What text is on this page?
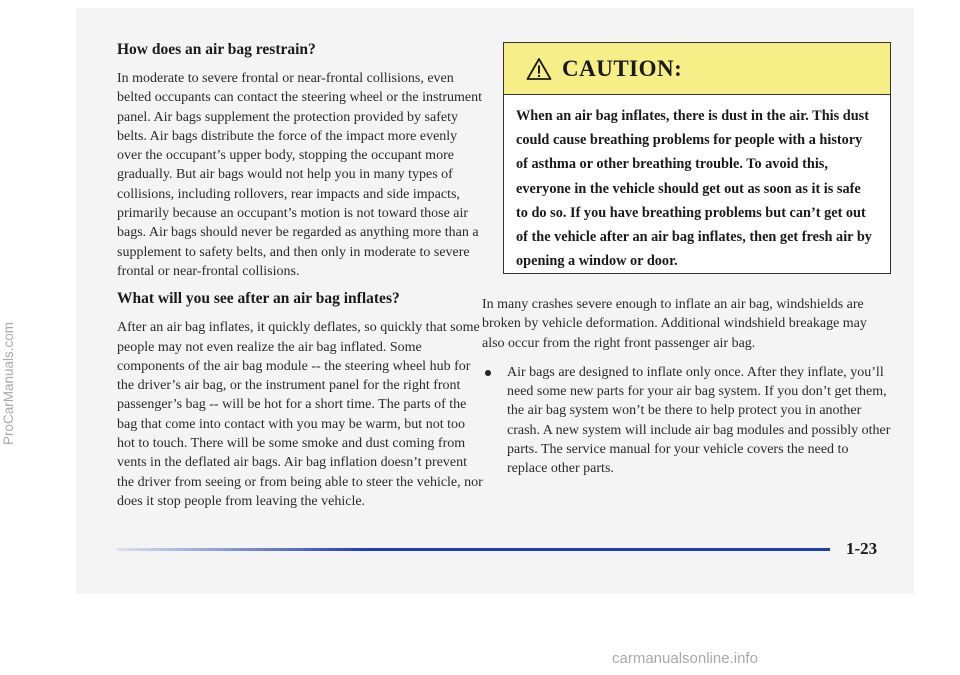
How does an air bag restrain?
In moderate to severe frontal or near-frontal collisions, even belted occupants can contact the steering wheel or the instrument panel. Air bags supplement the protection provided by safety belts. Air bags distribute the force of the impact more evenly over the occupant’s upper body, stopping the occupant more gradually. But air bags would not help you in many types of collisions, including rollovers, rear impacts and side impacts, primarily because an occupant’s motion is not toward those air bags. Air bags should never be regarded as anything more than a supplement to safety belts, and then only in moderate to severe frontal or near-frontal collisions.
What will you see after an air bag inflates?
After an air bag inflates, it quickly deflates, so quickly that some people may not even realize the air bag inflated. Some components of the air bag module -- the steering wheel hub for the driver’s air bag, or the instrument panel for the right front passenger’s bag -- will be hot for a short time. The parts of the bag that come into contact with you may be warm, but not too hot to touch. There will be some smoke and dust coming from vents in the deflated air bags. Air bag inflation doesn’t prevent the driver from seeing or from being able to steer the vehicle, nor does it stop people from leaving the vehicle.
CAUTION:
When an air bag inflates, there is dust in the air. This dust could cause breathing problems for people with a history of asthma or other breathing trouble. To avoid this, everyone in the vehicle should get out as soon as it is safe to do so. If you have breathing problems but can’t get out of the vehicle after an air bag inflates, then get fresh air by opening a window or door.
In many crashes severe enough to inflate an air bag, windshields are broken by vehicle deformation. Additional windshield breakage may also occur from the right front passenger air bag.
Air bags are designed to inflate only once. After they inflate, you’ll need some new parts for your air bag system. If you don’t get them, the air bag system won’t be there to help protect you in another crash. A new system will include air bag modules and possibly other parts. The service manual for your vehicle covers the need to replace other parts.
1-23
ProCarManuals.com
carmanualsonline.info
